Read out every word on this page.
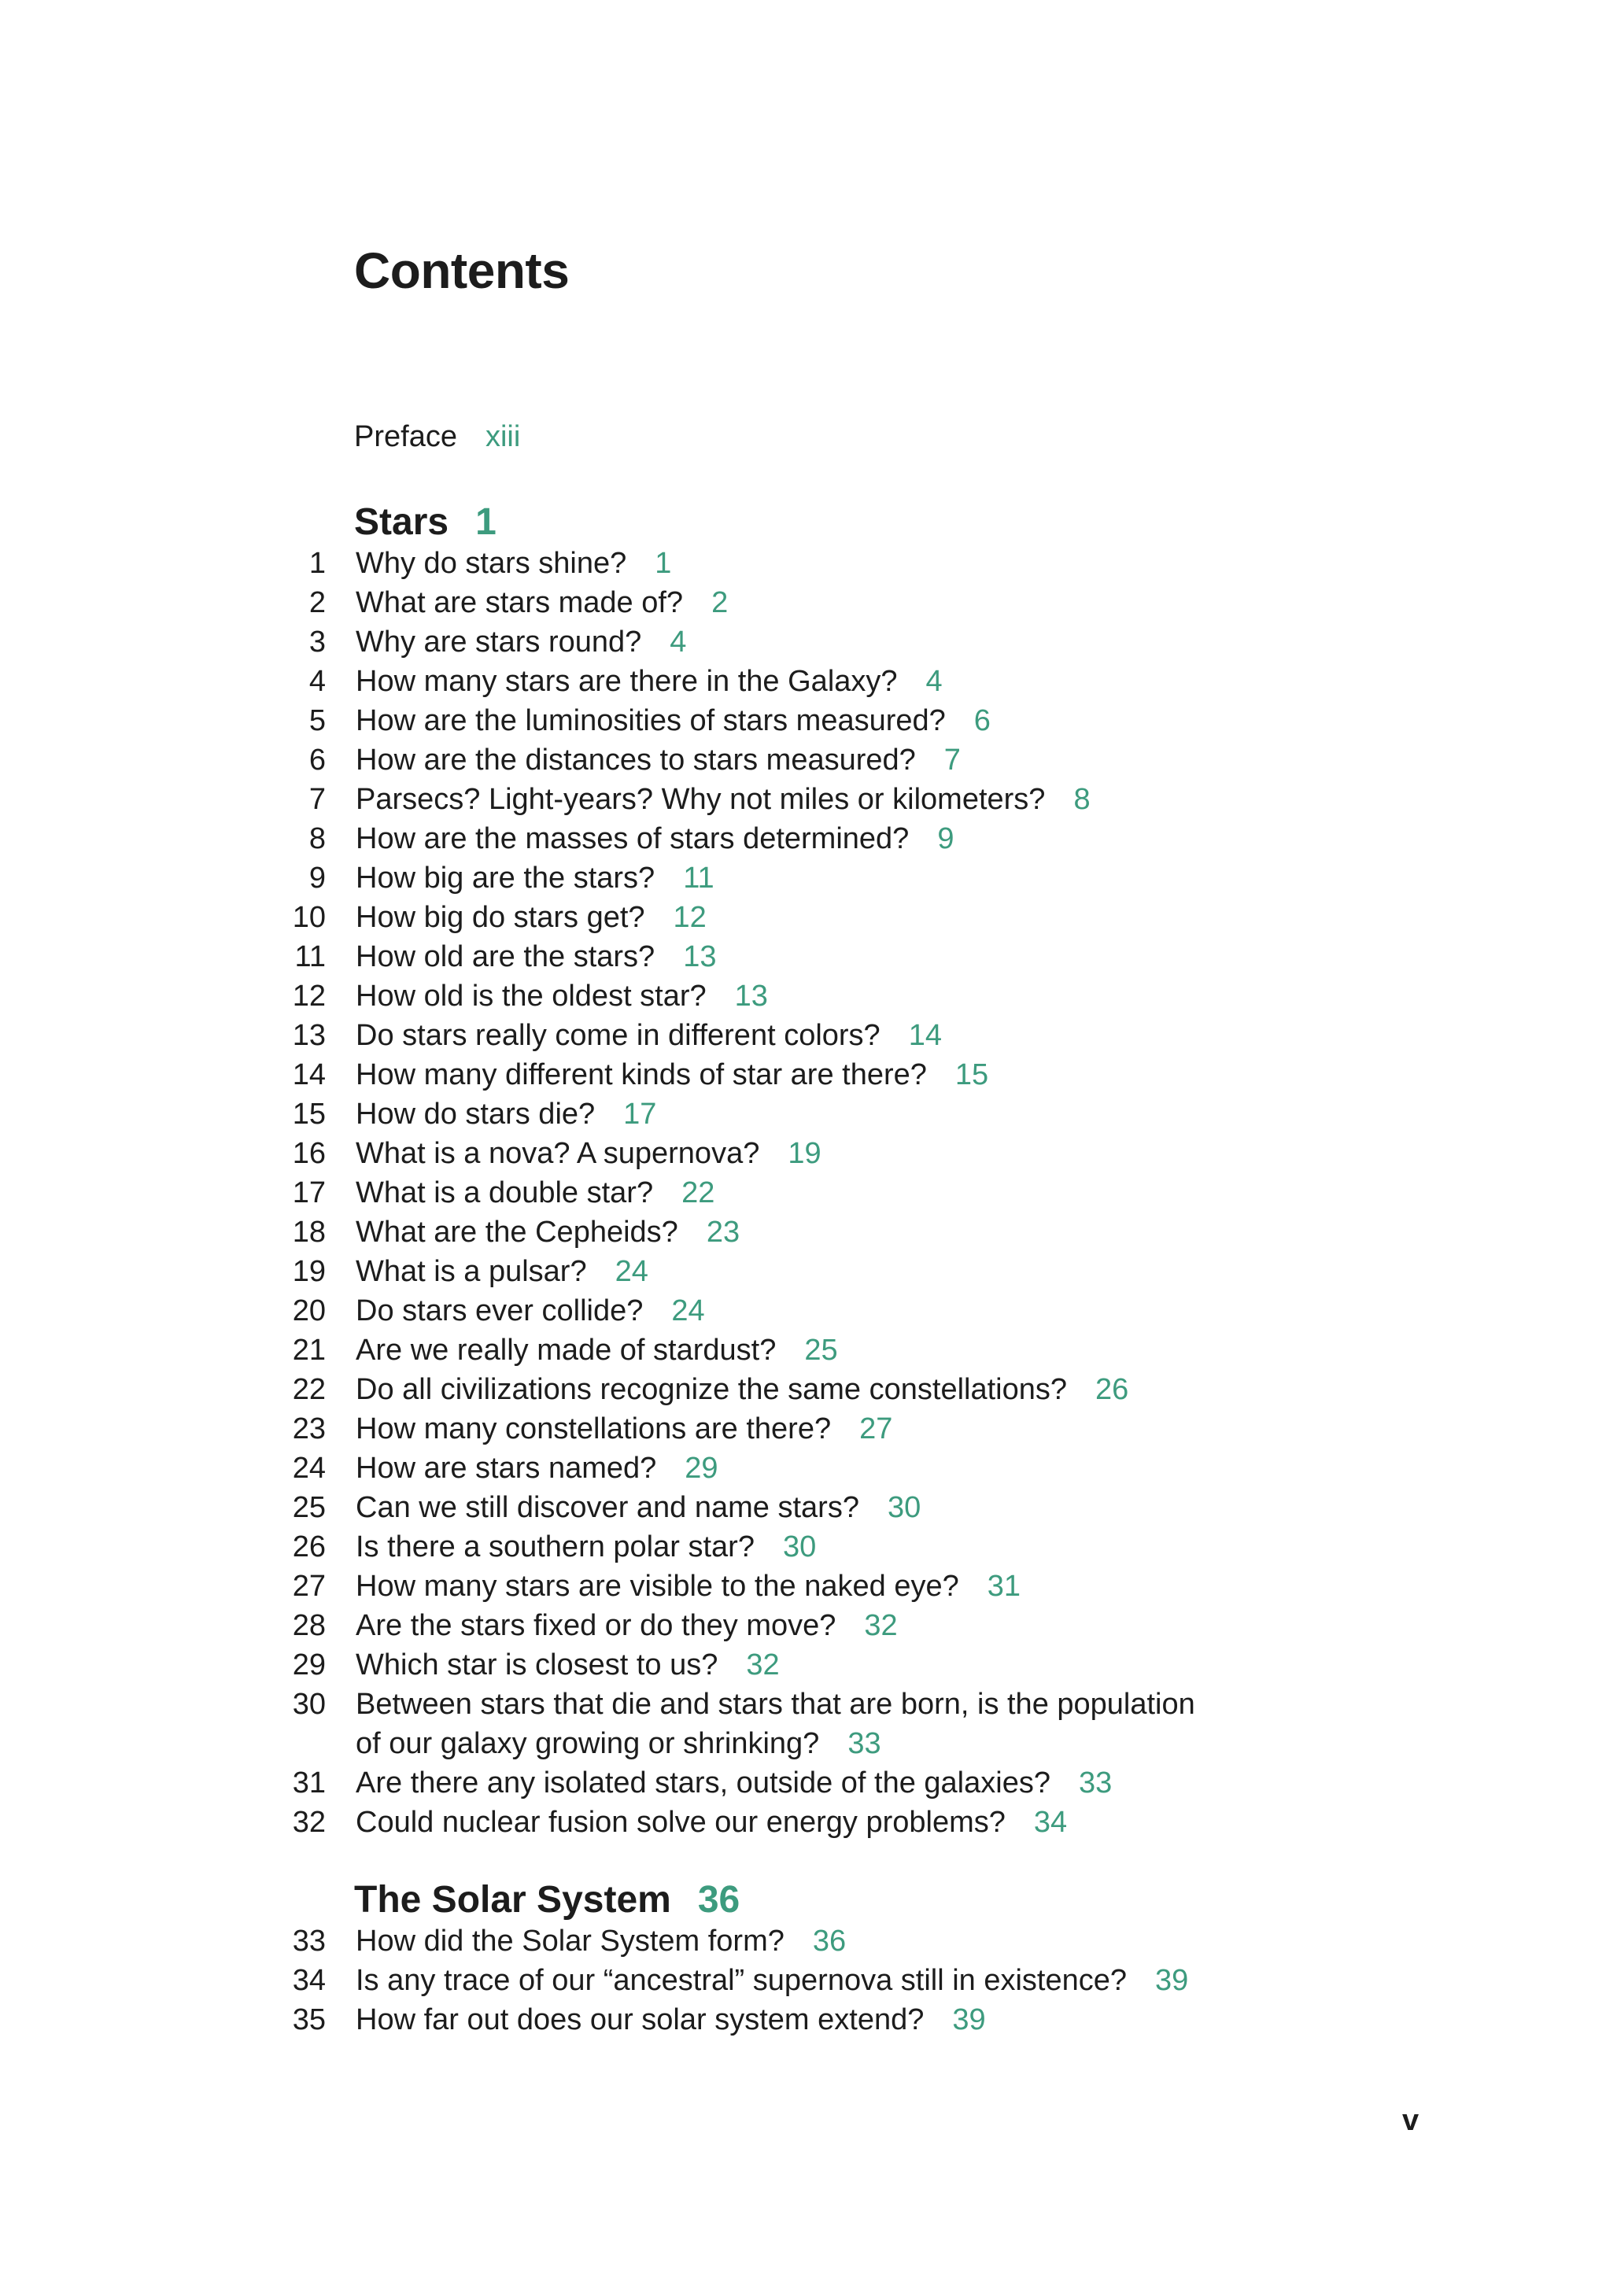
Contents
Preface xiii
Stars 1
1 Why do stars shine? 1
2 What are stars made of? 2
3 Why are stars round? 4
4 How many stars are there in the Galaxy? 4
5 How are the luminosities of stars measured? 6
6 How are the distances to stars measured? 7
7 Parsecs? Light-years? Why not miles or kilometers? 8
8 How are the masses of stars determined? 9
9 How big are the stars? 11
10 How big do stars get? 12
11 How old are the stars? 13
12 How old is the oldest star? 13
13 Do stars really come in different colors? 14
14 How many different kinds of star are there? 15
15 How do stars die? 17
16 What is a nova? A supernova? 19
17 What is a double star? 22
18 What are the Cepheids? 23
19 What is a pulsar? 24
20 Do stars ever collide? 24
21 Are we really made of stardust? 25
22 Do all civilizations recognize the same constellations? 26
23 How many constellations are there? 27
24 How are stars named? 29
25 Can we still discover and name stars? 30
26 Is there a southern polar star? 30
27 How many stars are visible to the naked eye? 31
28 Are the stars fixed or do they move? 32
29 Which star is closest to us? 32
30 Between stars that die and stars that are born, is the population
of our galaxy growing or shrinking? 33
31 Are there any isolated stars, outside of the galaxies? 33
32 Could nuclear fusion solve our energy problems? 34
The Solar System 36
33 How did the Solar System form? 36
34 Is any trace of our “ancestral” supernova still in existence? 39
35 How far out does our solar system extend? 39
v
